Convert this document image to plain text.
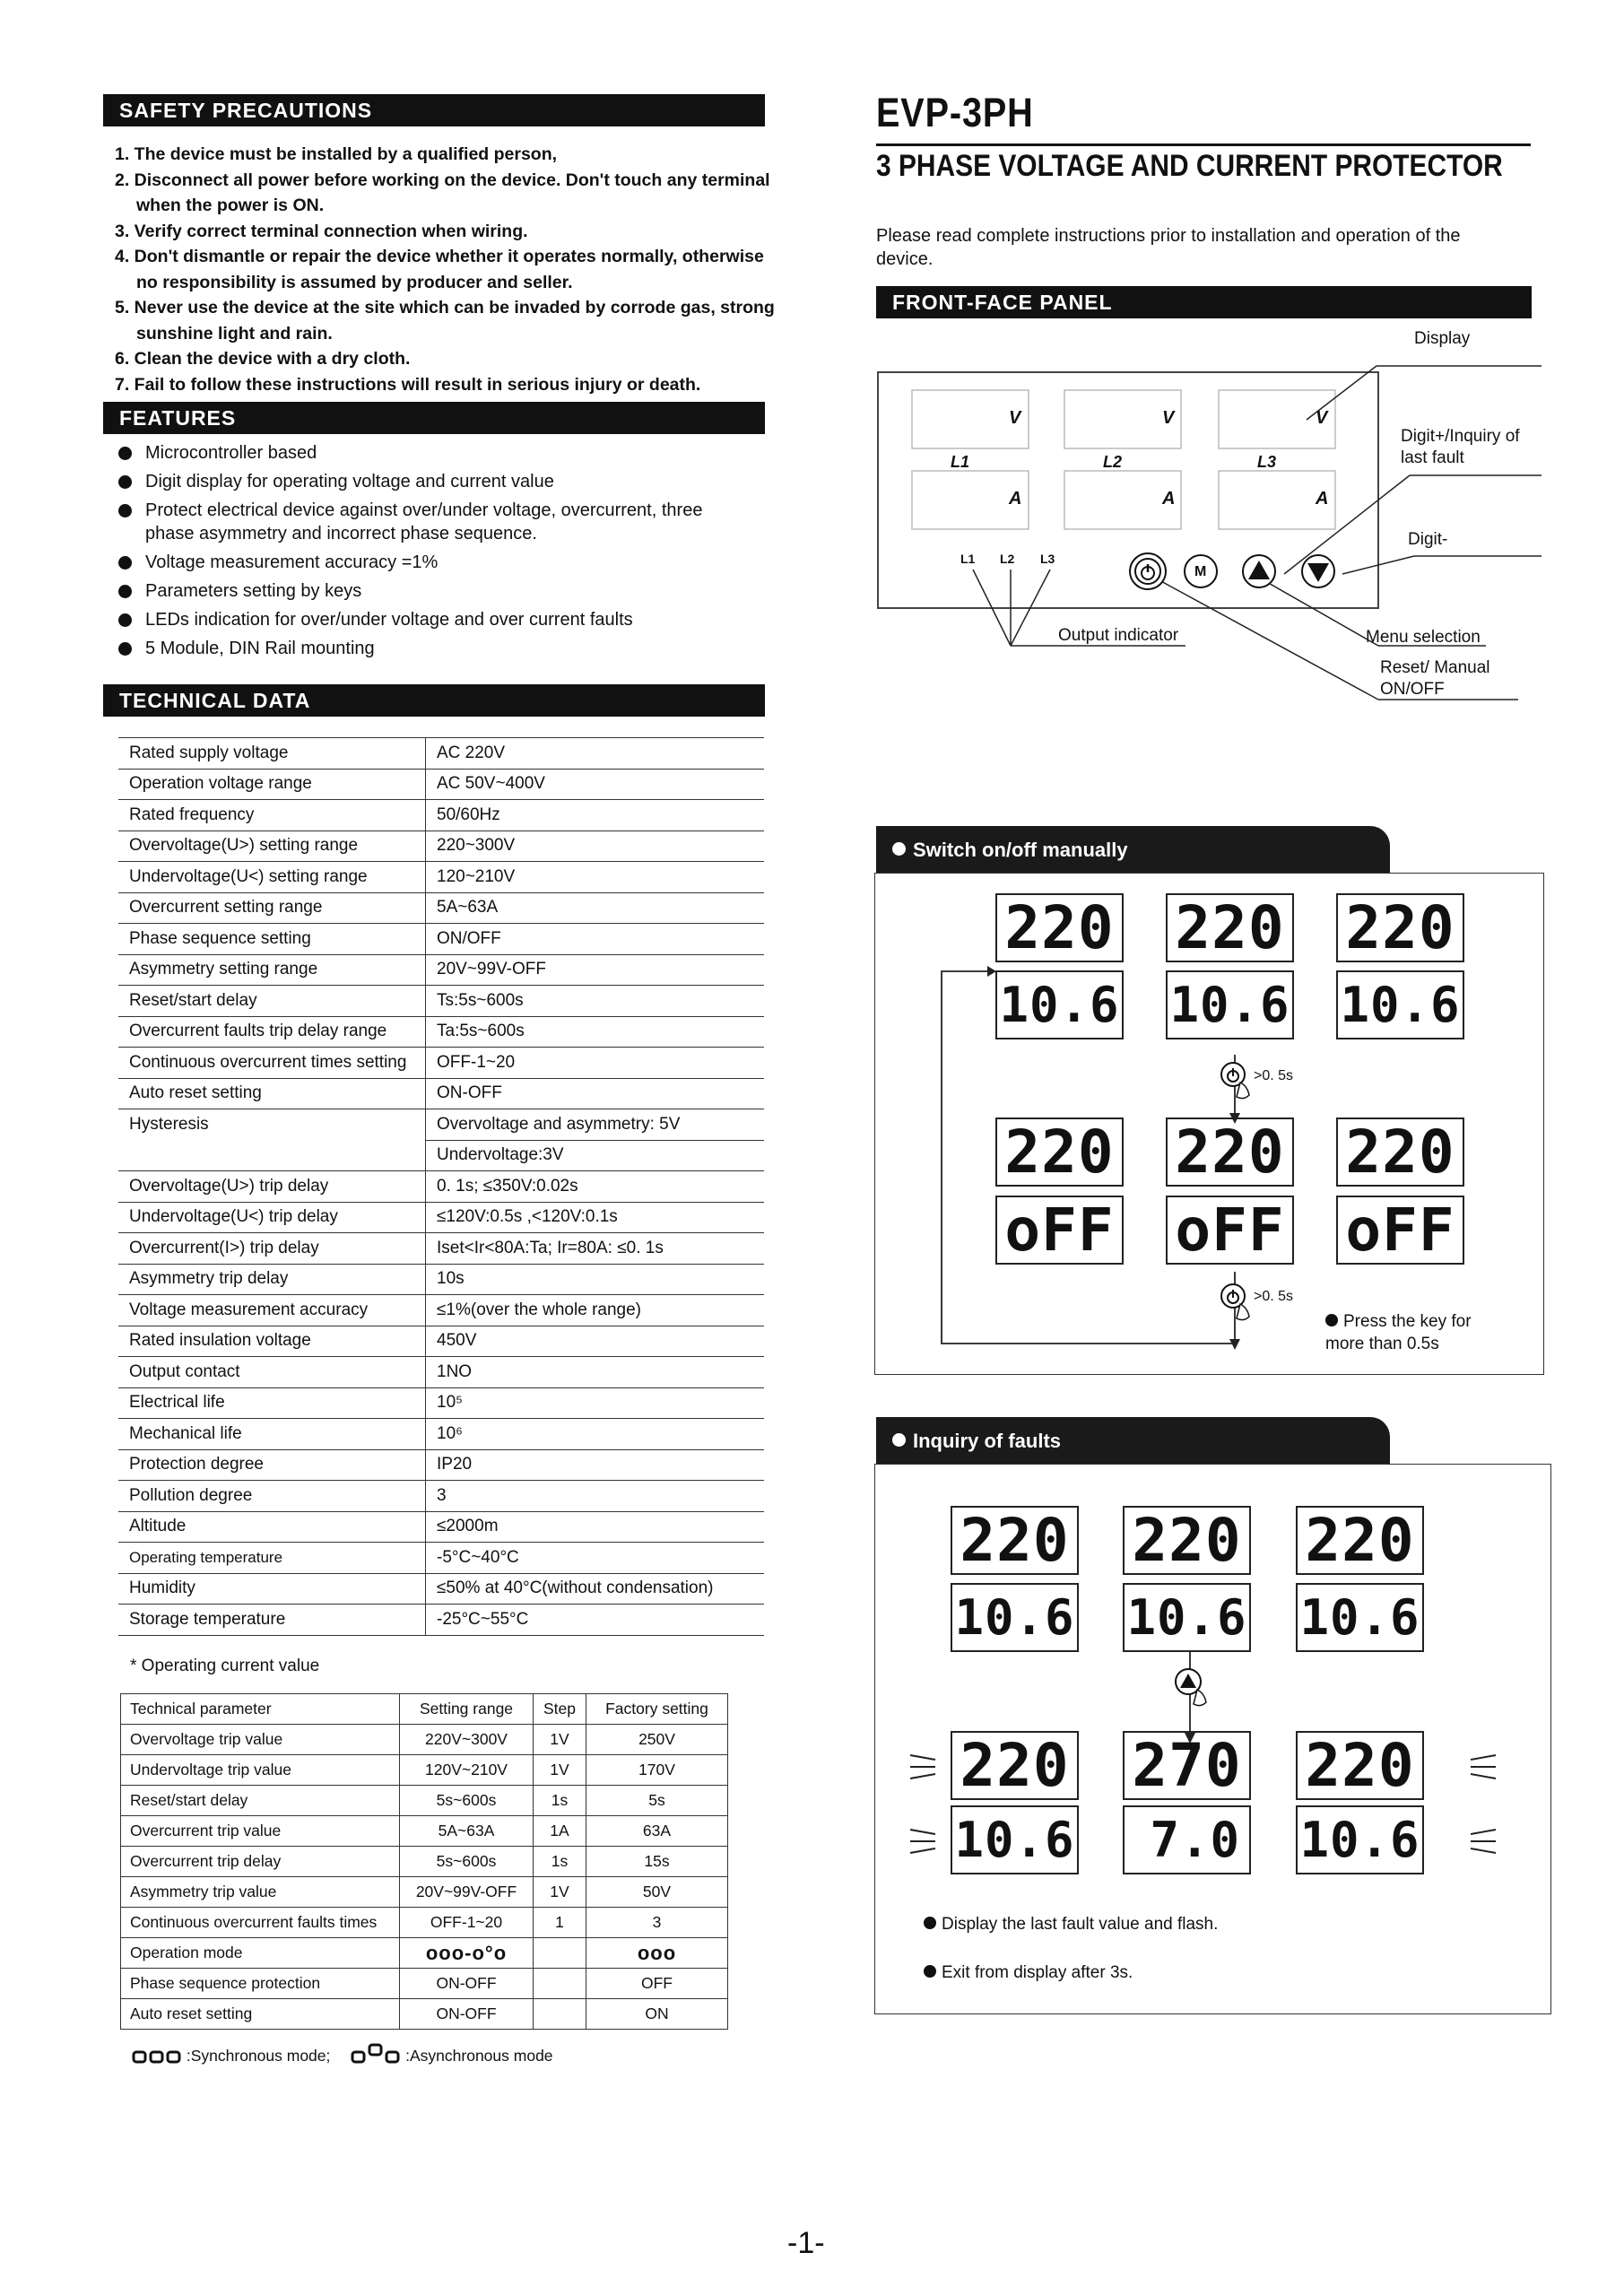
SAFETY PRECAUTIONS
1. The device must be installed by a qualified person,
2. Disconnect all power before working on the device. Don't touch any terminal when the power is ON.
3. Verify correct terminal connection when wiring.
4. Don't dismantle or repair the device whether it operates normally, otherwise no responsibility is assumed by producer and seller.
5. Never use the device at the site which can be invaded by corrode gas, strong sunshine light and rain.
6. Clean the device with a dry cloth.
7. Fail to follow these instructions will result in serious injury or death.
FEATURES
Microcontroller based
Digit display for operating voltage and current value
Protect electrical device against over/under voltage, overcurrent, three phase asymmetry and incorrect phase sequence.
Voltage measurement accuracy =1%
Parameters setting by keys
LEDs indication for over/under voltage and over current faults
5 Module, DIN Rail mounting
TECHNICAL DATA
Rated supply voltage	AC 220V
Operation voltage range	AC 50V~400V
Rated frequency	50/60Hz
Overvoltage(U>) setting range	220~300V
Undervoltage(U<) setting range	120~210V
Overcurrent setting range	5A~63A
Phase sequence setting	ON/OFF
Asymmetry setting range	20V~99V-OFF
Reset/start delay	Ts:5s~600s
Overcurrent faults trip delay range	Ta:5s~600s
Continuous overcurrent times setting	OFF-1~20
Auto reset setting	ON-OFF
Hysteresis	Overvoltage and asymmetry: 5V
	Undervoltage:3V
Overvoltage(U>) trip delay	0. 1s; ≤350V:0.02s
Undervoltage(U<) trip delay	≤120V:0.5s ,<120V:0.1s
Overcurrent(I>) trip delay	Iset<Ir<80A:Ta; Ir=80A: ≤0. 1s
Asymmetry trip delay	10s
Voltage measurement accuracy	≤1%(over the whole range)
Rated insulation voltage	450V
Output contact	1NO
Electrical life	10⁵
Mechanical life	10⁶
Protection degree	IP20
Pollution degree	3
Altitude	≤2000m
Operating temperature	-5°C~40°C
Humidity	≤50% at 40°C(without condensation)
Storage temperature	-25°C~55°C
* Operating current value
Technical parameter	Setting range	Step	Factory setting
Overvoltage trip value	220V~300V	1V	250V
Undervoltage trip value	120V~210V	1V	170V
Reset/start delay	5s~600s	1s	5s
Overcurrent trip value	5A~63A	1A	63A
Overcurrent trip delay	5s~600s	1s	15s
Asymmetry trip value	20V~99V-OFF	1V	50V
Continuous overcurrent faults times	OFF-1~20	1	3
Operation mode	ooo-o°o		ooo
Phase sequence protection	ON-OFF		OFF
Auto reset setting	ON-OFF		ON
:Synchronous mode;	:Asynchronous mode
EVP-3PH
3 PHASE VOLTAGE AND CURRENT PROTECTOR
Please read complete instructions prior to installation and operation of the device.
FRONT-FACE PANEL
V	V	V
A	A	A
L1	L2	L3
L1 L2 L3
M
Display
Digit+/Inquiry of last fault
Digit-
Output indicator	Menu selection
Reset/ Manual ON/OFF
Switch on/off manually
220 220 220
10.6 10.6 10.6
>0. 5s
220 220 220
oFF oFF oFF
>0. 5s
Press the key for more than 0.5s
Inquiry of faults
220 220 220
10.6 10.6 10.6
220 270 220
10.6	7.0 10.6
Display the last fault value and flash.
Exit from display after 3s.
-1-
